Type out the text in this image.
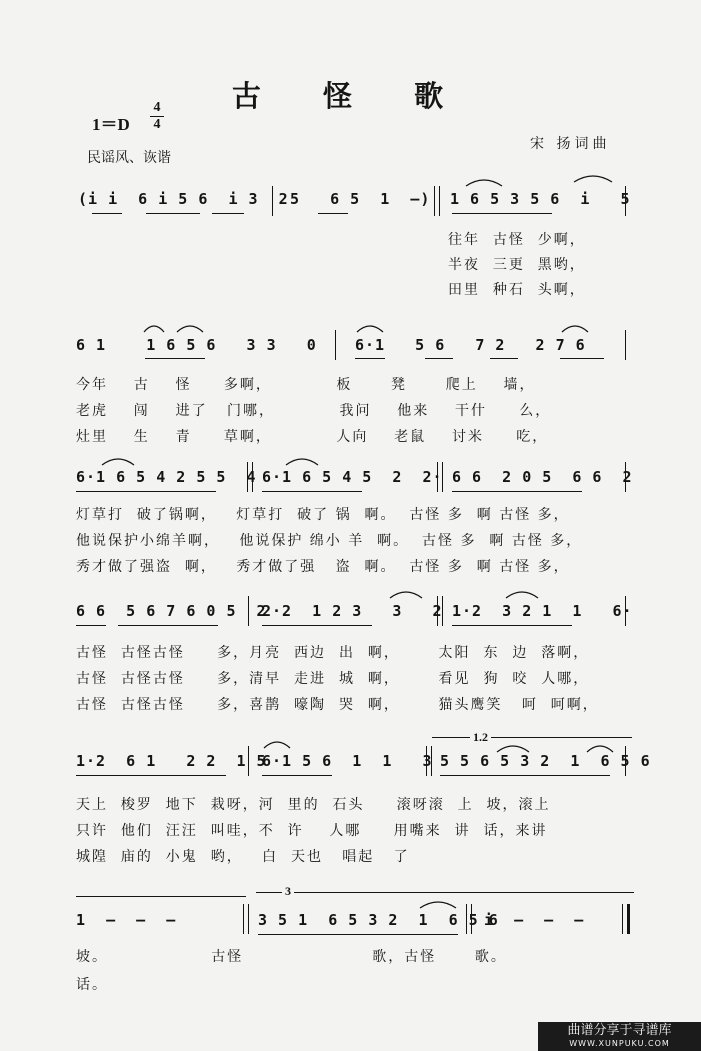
古 怪 歌
1＝D
4
4
民谣风、诙谐
宋 扬词曲
(i i  6 i 5 6  i 3  2 5   6 5  1  —) 1 6 5 3 5 6  i   5
往年  古怪  少啊，
半夜  三更  黑哟，
田里  种石  头啊，
6 1    1 6 5 6   3 3   0	6·1   5 6   7 2   2 7 6
今年    古    怪     多啊，          板      凳      爬上    墙，
老虎    闯    进了   门哪，          我问    他来    干什     么，
灶里    生    青     草啊，          人向    老鼠    讨米     吃，
6·1 6 5 4 2 5 5  4 6·1 6 5 4 5  2  2· 6 6  2 0 5  6 6  2
灯草打  破了锅啊，   灯草打  破了 锅  啊。  古怪 多  啊 古怪 多，
他说保护小绵羊啊，   他说保护 绵小 羊  啊。  古怪 多  啊 古怪 多，
秀才做了强盗  啊，   秀才做了强   盗  啊。  古怪 多  啊 古怪 多，
6 6  5 6 7 6 0 5  2
2·2  1 2 3   3   2 1·2  3 2 1  1   6·
古怪  古怪古怪     多，月亮  西边  出  啊，      太阳  东  边  落啊，
古怪  古怪古怪     多，清早  走进  城  啊，      看见  狗  咬  人哪，
古怪  古怪古怪     多，喜鹊  嚎陶  哭  啊，      猫头鹰笑   呵  呵啊，
1.2
1·2  6 1   2 2  1 5
6·1 5 6  1  1   3 5 5 6 5 3 2  1  6 5 6
天上  梭罗  地下  栽呀，河  里的  石头     滚呀滚  上  坡，滚上
只许  他们  汪汪  叫哇，不  许    人哪     用嘴来  讲  话，来讲
城隍  庙的  小鬼  哟，   白  天也   唱起   了
3
1  —  —  —	3 5 1  6 5 3 2  1  6 5 6
i  —  —  —
坡。                古怪                    歌，古怪      歌。
话。
曲谱分享于寻谱库
WWW.XUNPUKU.COM
